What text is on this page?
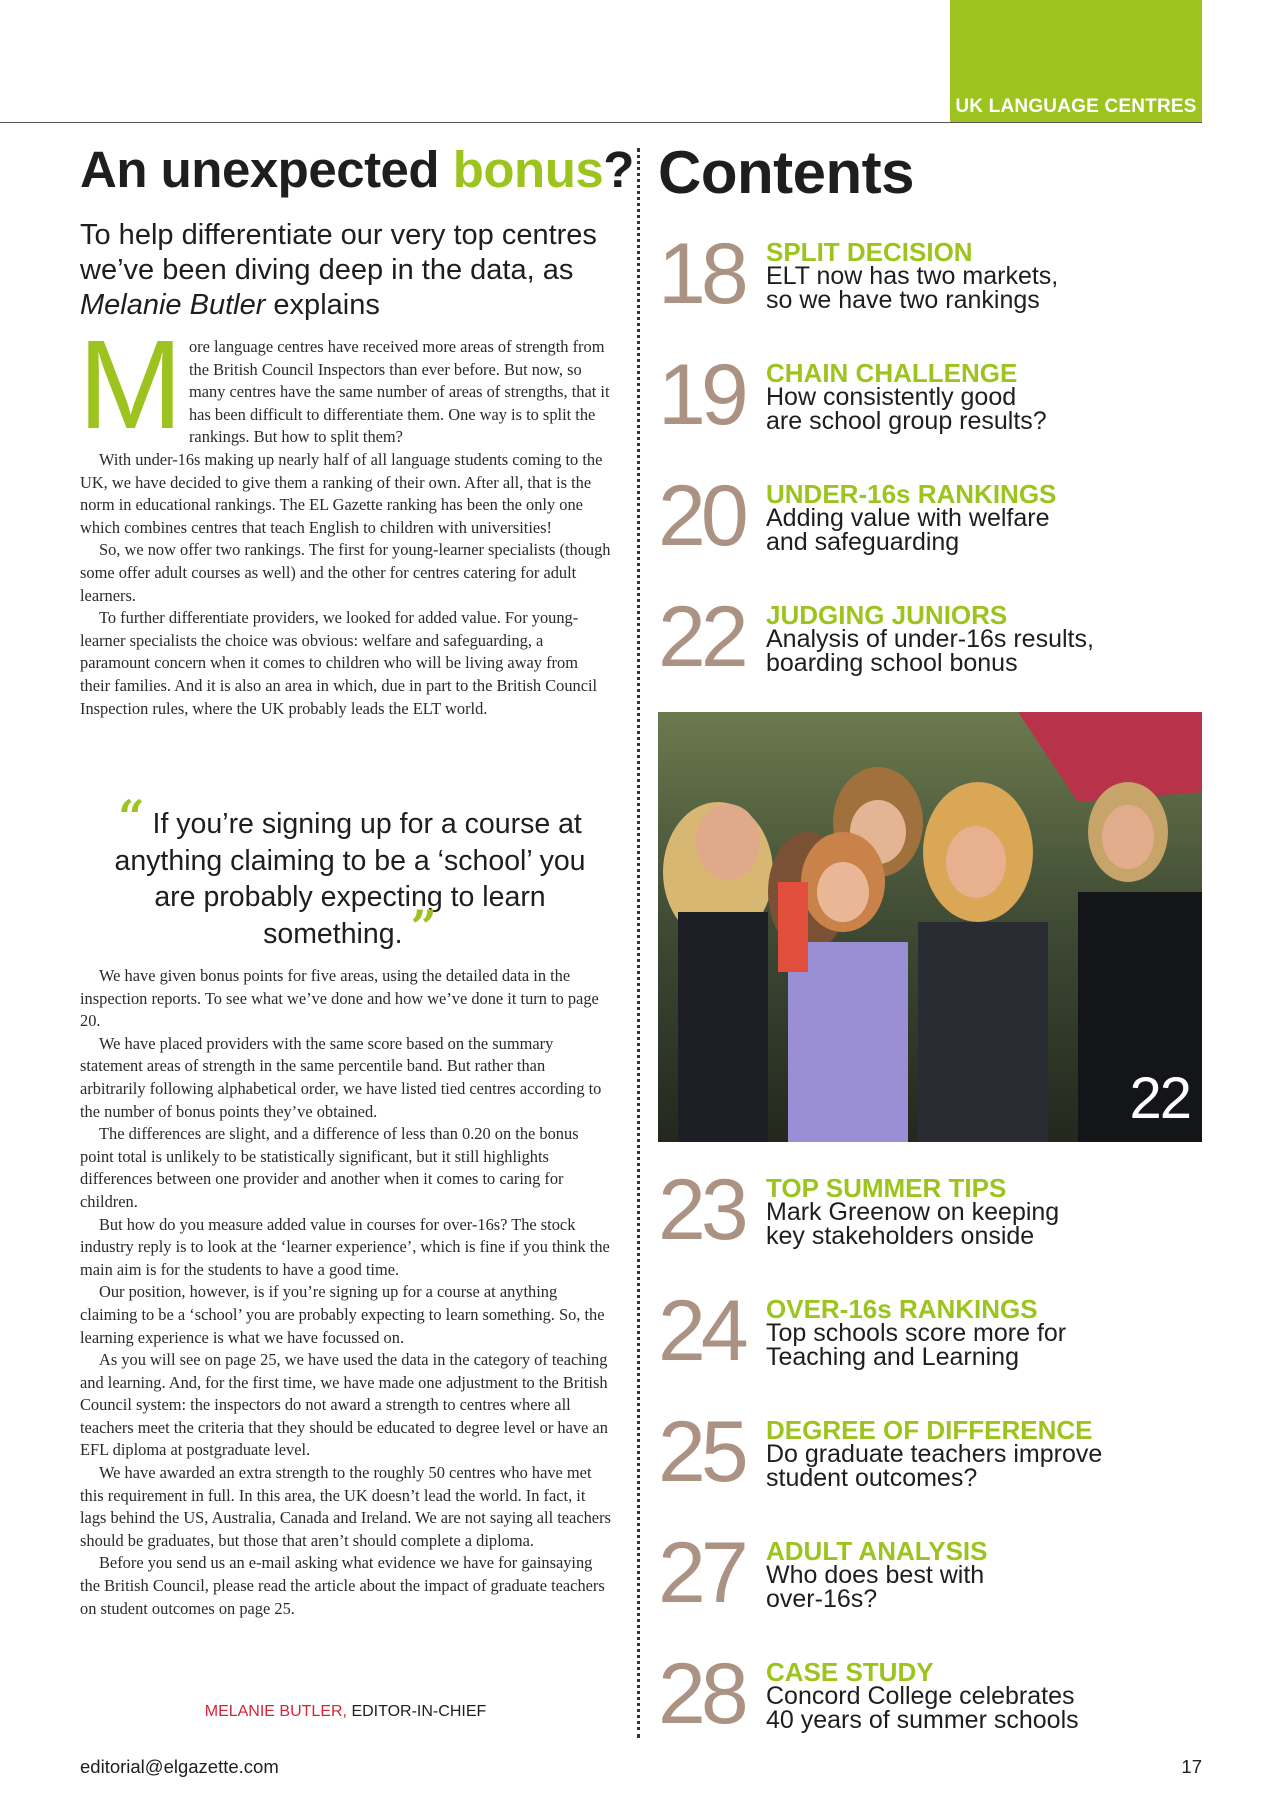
UK LANGUAGE CENTRES
An unexpected bonus?
To help differentiate our very top centres we’ve been diving deep in the data, as Melanie Butler explains

More language centres have received more areas of strength from the British Council Inspectors than ever before. But now, so many centres have the same number of areas of strengths, that it has been difficult to differentiate them. One way is to split the rankings. But how to split them?

With under-16s making up nearly half of all language students coming to the UK, we have decided to give them a ranking of their own. After all, that is the norm in educational rankings. The EL Gazette ranking has been the only one which combines centres that teach English to children with universities!

So, we now offer two rankings. The first for young-learner specialists (though some offer adult courses as well) and the other for centres catering for adult learners.

To further differentiate providers, we looked for added value. For young-learner specialists the choice was obvious: welfare and safeguarding, a paramount concern when it comes to children who will be living away from their families. And it is also an area in which, due in part to the British Council Inspection rules, where the UK probably leads the ELT world.

“ If you’re signing up for a course at anything claiming to be a ‘school’ you are probably expecting to learn something. ”

We have given bonus points for five areas, using the detailed data in the inspection reports. To see what we’ve done and how we’ve done it turn to page 20.

We have placed providers with the same score based on the summary statement areas of strength in the same percentile band. But rather than arbitrarily following alphabetical order, we have listed tied centres according to the number of bonus points they’ve obtained.

The differences are slight, and a difference of less than 0.20 on the bonus point total is unlikely to be statistically significant, but it still highlights differences between one provider and another when it comes to caring for children.

But how do you measure added value in courses for over-16s? The stock industry reply is to look at the ‘learner experience’, which is fine if you think the main aim is for the students to have a good time.

Our position, however, is if you’re signing up for a course at anything claiming to be a ‘school’ you are probably expecting to learn something. So, the learning experience is what we have focussed on.

As you will see on page 25, we have used the data in the category of teaching and learning. And, for the first time, we have made one adjustment to the British Council system: the inspectors do not award a strength to centres where all teachers meet the criteria that they should be educated to degree level or have an EFL diploma at postgraduate level.

We have awarded an extra strength to the roughly 50 centres who have met this requirement in full. In this area, the UK doesn’t lead the world. In fact, it lags behind the US, Australia, Canada and Ireland. We are not saying all teachers should be graduates, but those that aren’t should complete a diploma.

Before you send us an e-mail asking what evidence we have for gainsaying the British Council, please read the article about the impact of graduate teachers on student outcomes on page 25.

MELANIE BUTLER, EDITOR-IN-CHIEF
Contents
18 SPLIT DECISION
ELT now has two markets,
so we have two rankings
19 CHAIN CHALLENGE
How consistently good
are school group results?
20 UNDER-16s RANKINGS
Adding value with welfare
and safeguarding
22 JUDGING JUNIORS
Analysis of under-16s results,
boarding school bonus
22
23 TOP SUMMER TIPS
Mark Greenow on keeping
key stakeholders onside
24 OVER-16s RANKINGS
Top schools score more for
Teaching and Learning
25 DEGREE OF DIFFERENCE
Do graduate teachers improve
student outcomes?
27 ADULT ANALYSIS
Who does best with
over-16s?
28 CASE STUDY
Concord College celebrates
40 years of summer schools
editorial@elgazette.com	17
